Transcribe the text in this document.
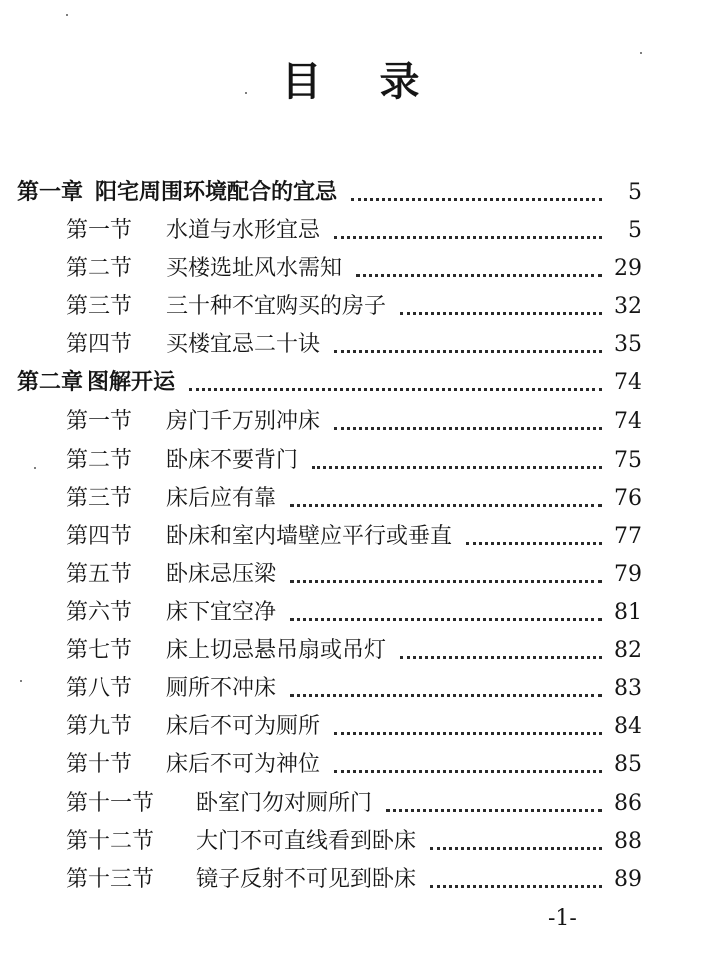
目录
第一章 阳宅周围环境配合的宜忌	5
第一节	水道与水形宜忌	5
第二节	买楼选址风水需知	29
第三节	三十种不宜购买的房子	32
第四节	买楼宜忌二十诀	35
第二章 图解开运	74
第一节	房门千万别冲床	74
第二节	卧床不要背门	75
第三节	床后应有靠	76
第四节	卧床和室内墙壁应平行或垂直	77
第五节	卧床忌压梁	79
第六节	床下宜空净	81
第七节	床上切忌悬吊扇或吊灯	82
第八节	厕所不冲床	83
第九节	床后不可为厕所	84
第十节	床后不可为神位	85
第十一节	卧室门勿对厕所门	86
第十二节	大门不可直线看到卧床	88
第十三节	镜子反射不可见到卧床	89
-1-
